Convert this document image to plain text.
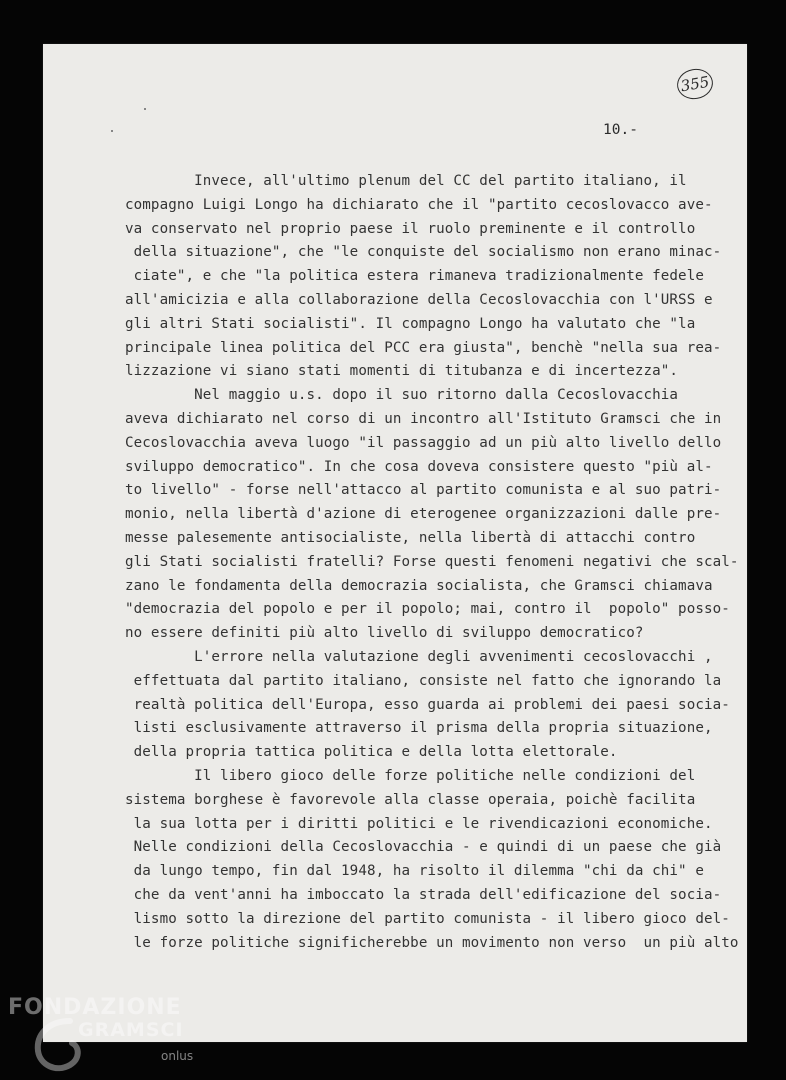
355
10.-
Invece, all'ultimo plenum del CC del partito italiano, il
compagno Luigi Longo ha dichiarato che il "partito cecoslovacco ave-
va conservato nel proprio paese il ruolo preminente e il controllo
della situazione", che "le conquiste del socialismo non erano minac-
ciate", e che "la politica estera rimaneva tradizionalmente fedele
all'amicizia e alla collaborazione della Cecoslovacchia con l'URSS e
gli altri Stati socialisti". Il compagno Longo ha valutato che "la
principale linea politica del PCC era giusta", benchè "nella sua rea-
lizzazione vi siano stati momenti di titubanza e di incertezza".
Nel maggio u.s. dopo il suo ritorno dalla Cecoslovacchia
aveva dichiarato nel corso di un incontro all'Istituto Gramsci che in
Cecoslovacchia aveva luogo "il passaggio ad un più alto livello dello
sviluppo democratico". In che cosa doveva consistere questo "più al-
to livello" - forse nell'attacco al partito comunista e al suo patri-
monio, nella libertà d'azione di eterogenee organizzazioni dalle pre-
messe palesemente antisocialiste, nella libertà di attacchi contro
gli Stati socialisti fratelli? Forse questi fenomeni negativi che scal-
zano le fondamenta della democrazia socialista, che Gramsci chiamava
"democrazia del popolo e per il popolo; mai, contro il  popolo" posso-
no essere definiti più alto livello di sviluppo democratico?
L'errore nella valutazione degli avvenimenti cecoslovacchi ,
effettuata dal partito italiano, consiste nel fatto che ignorando la
realtà politica dell'Europa, esso guarda ai problemi dei paesi socia-
listi esclusivamente attraverso il prisma della propria situazione,
della propria tattica politica e della lotta elettorale.
Il libero gioco delle forze politiche nelle condizioni del
sistema borghese è favorevole alla classe operaia, poichè facilita
la sua lotta per i diritti politici e le rivendicazioni economiche.
Nelle condizioni della Cecoslovacchia - e quindi di un paese che già
da lungo tempo, fin dal 1948, ha risolto il dilemma "chi da chi" e
che da vent'anni ha imboccato la strada dell'edificazione del socia-
lismo sotto la direzione del partito comunista - il libero gioco del-
le forze politiche significherebbe un movimento non verso  un più alto
FONDAZIONE
GRAMSCI
onlus
